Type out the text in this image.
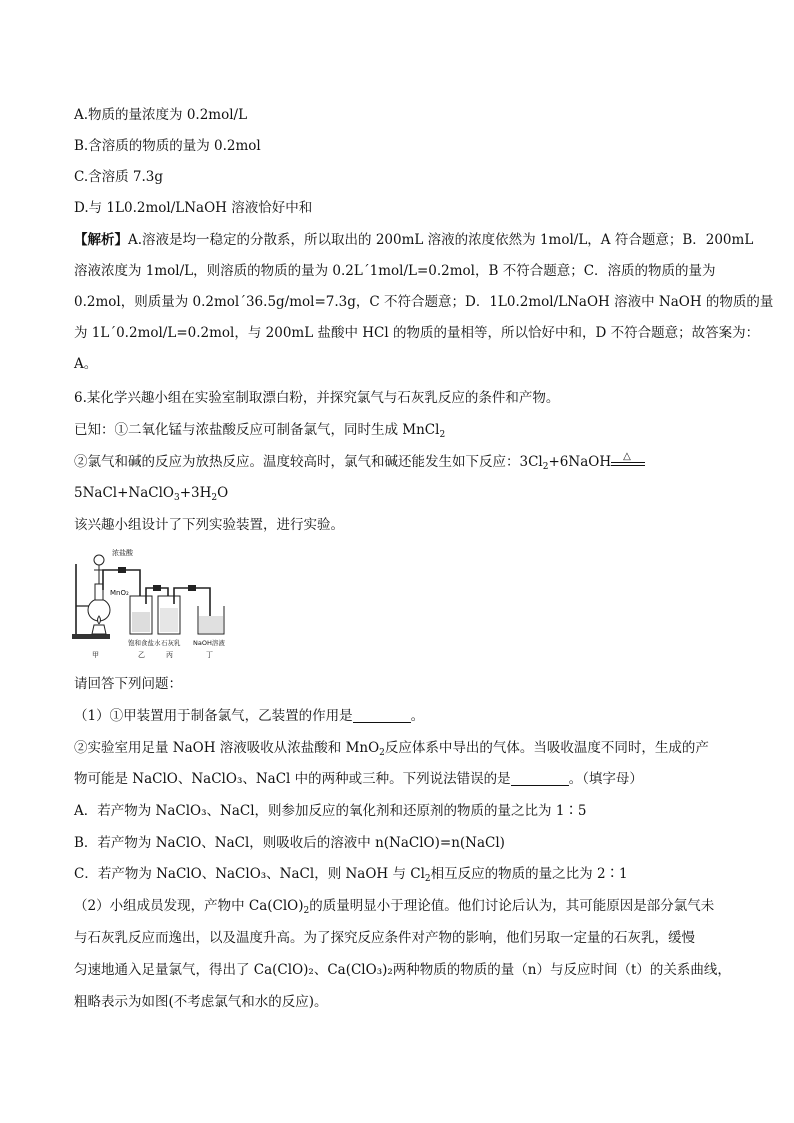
A.物质的量浓度为 0.2mol/L
B.含溶质的物质的量为 0.2mol
C.含溶质 7.3g
D.与 1L0.2mol/LNaOH 溶液恰好中和
【解析】A.溶液是均一稳定的分散系，所以取出的 200mL 溶液的浓度依然为 1mol/L，A 符合题意；B．200mL
溶液浓度为 1mol/L，则溶质的物质的量为 0.2L´1mol/L=0.2mol，B 不符合题意；C．溶质的物质的量为
0.2mol，则质量为 0.2mol´36.5g/mol=7.3g，C 不符合题意；D．1L0.2mol/LNaOH 溶液中 NaOH 的物质的量
为 1L´0.2mol/L=0.2mol，与 200mL 盐酸中 HCl 的物质的量相等，所以恰好中和，D 不符合题意；故答案为：
A。
6.某化学兴趣小组在实验室制取漂白粉，并探究氯气与石灰乳反应的条件和产物。
已知：①二氧化锰与浓盐酸反应可制备氯气，同时生成 MnCl$_2$
②氯气和碱的反应为放热反应。温度较高时，氯气和碱还能发生如下反应：$3Cl_2+6NaOH$ △
$5NaCl+NaClO_3+3H_2O$
该兴趣小组设计了下列实验装置，进行实验。
浓盐酸
MnO₂
饱和食盐水 石灰乳 NaOH溶液
甲	乙	丙	丁
请回答下列问题：
（1）①甲装置用于制备氯气，乙装置的作用是	。
②实验室用足量 NaOH 溶液吸收从浓盐酸和 MnO$_2$反应体系中导出的气体。当吸收温度不同时，生成的产
物可能是 NaClO、NaClO₃、NaCl 中的两种或三种。下列说法错误的是	。（填字母）
A．若产物为 NaClO₃、NaCl，则参加反应的氧化剂和还原剂的物质的量之比为 1∶5
B．若产物为 NaClO、NaCl，则吸收后的溶液中 n(NaClO)=n(NaCl)
C．若产物为 NaClO、NaClO₃、NaCl，则 NaOH 与 $Cl_2$相互反应的物质的量之比为 2∶1
（2）小组成员发现，产物中 $Ca(ClO)_2$的质量明显小于理论值。他们讨论后认为，其可能原因是部分氯气未
与石灰乳反应而逸出，以及温度升高。为了探究反应条件对产物的影响，他们另取一定量的石灰乳，缓慢
匀速地通入足量氯气，得出了 Ca(ClO)₂、Ca(ClO₃)₂两种物质的物质的量（n）与反应时间（t）的关系曲线，
粗略表示为如图(不考虑氯气和水的反应)。
